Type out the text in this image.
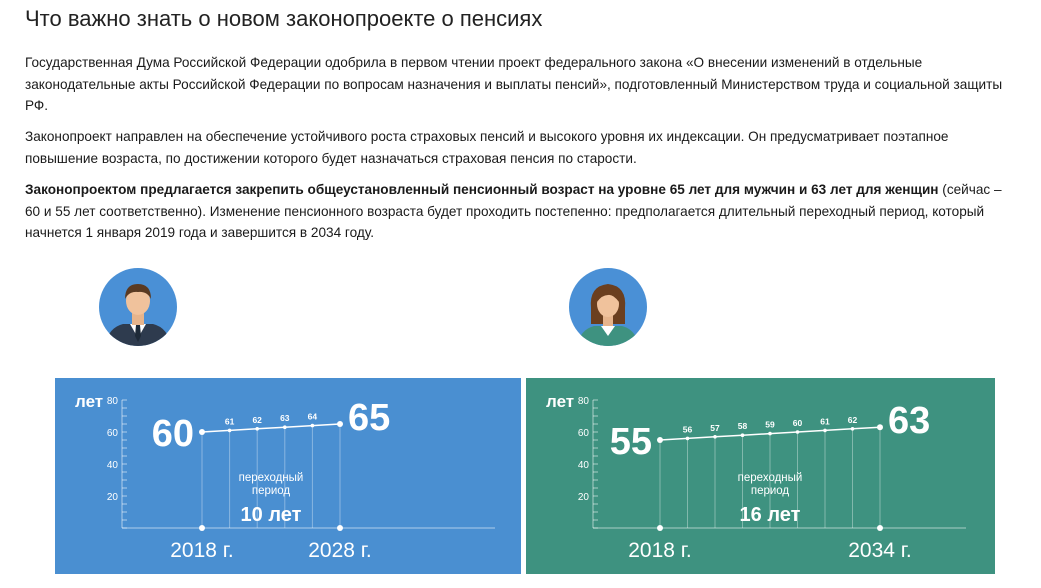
Что важно знать о новом законопроекте о пенсиях

Государственная Дума Российской Федерации одобрила в первом чтении проект федерального закона «О внесении изменений в отдельные законодательные акты Российской Федерации по вопросам назначения и выплаты пенсий», подготовленный Министерством труда и социальной защиты РФ.

Законопроект направлен на обеспечение устойчивого роста страховых пенсий и высокого уровня их индексации. Он предусматривает поэтапное повышение возраста, по достижении которого будет назначаться страховая пенсия по старости.

Законопроектом предлагается закрепить общеустановленный пенсионный возраст на уровне 65 лет для мужчин и 63 лет для женщин (сейчас – 60 и 55 лет соответственно). Изменение пенсионного возраста будет проходить постепенно: предполагается длительный переходный период, который начнется 1 января 2019 года и завершится в 2034 году.

лет 80
60
40
20
60	61 62 63 64 65
переходный период
10 лет
2018 г.	2028 г.
лет 80
60
40
20
55	56 57 58 59 60 61 62 63
переходный период
16 лет
2018 г.	2034 г.
